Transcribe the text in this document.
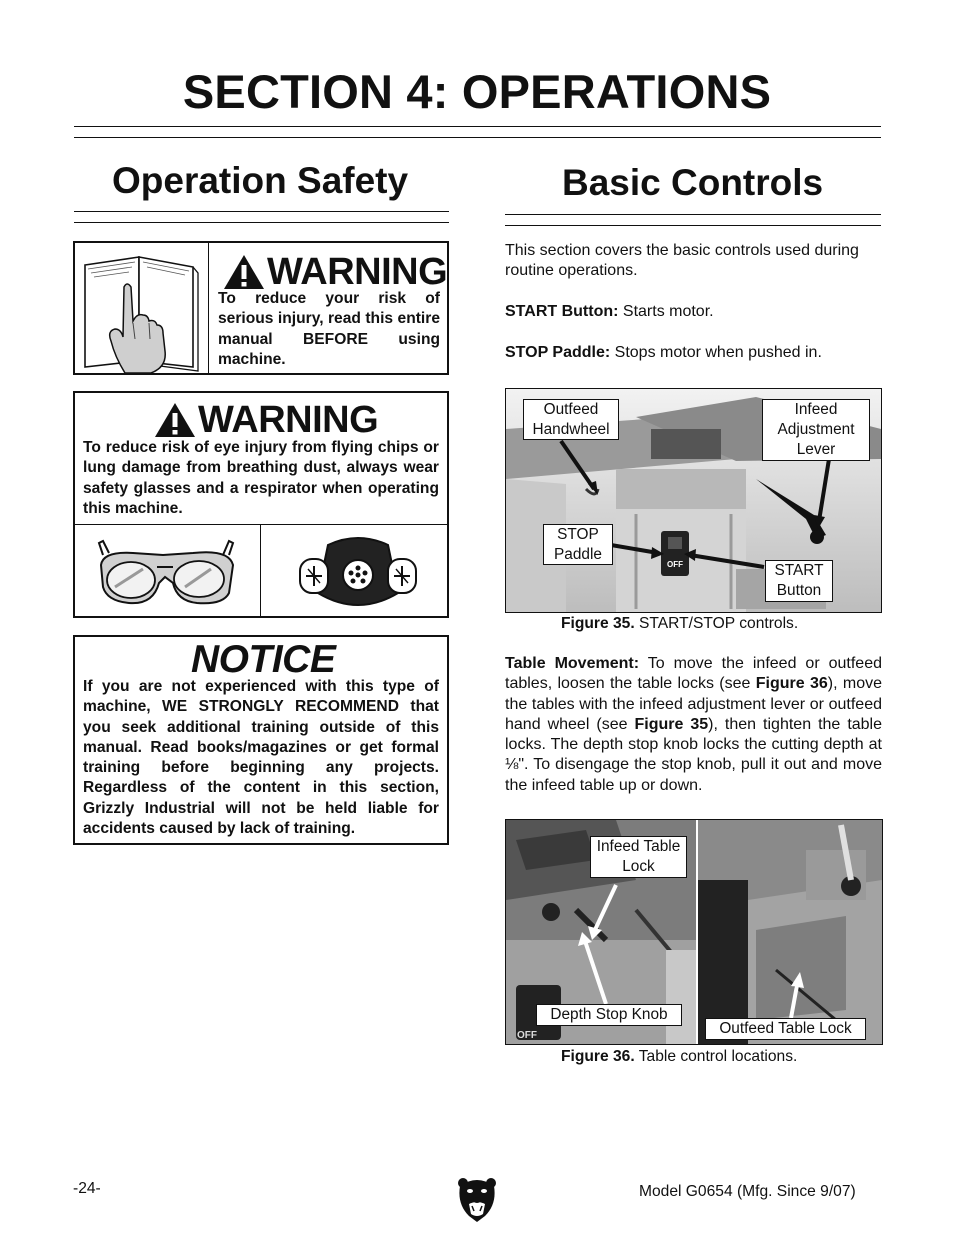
SECTION 4: OPERATIONS
Operation Safety	Basic Controls
WARNING
To reduce your risk of serious injury, read this entire manual BEFORE using machine.
WARNING
To reduce risk of eye injury from flying chips or lung damage from breathing dust, always wear safety glasses and a respirator when operating this machine.
NOTICE
If you are not experienced with this type of machine, WE STRONGLY RECOMMEND that you seek additional training outside of this manual. Read books/magazines or get formal training before beginning any projects. Regardless of the content in this section, Grizzly Industrial will not be held liable for accidents caused by lack of training.
This section covers the basic controls used during routine operations.
START Button: Starts motor.
STOP Paddle: Stops motor when pushed in.
OFF
Outfeed Handwheel
Infeed Adjustment Lever
STOP Paddle
START Button
Figure 35. START/STOP controls.
Table Movement: To move the infeed or outfeed tables, loosen the table locks (see Figure 36), move the tables with the infeed adjustment lever or outfeed hand wheel (see Figure 35), then tighten the table locks. The depth stop knob locks the cutting depth at ⅛". To disengage the stop knob, pull it out and move the infeed table up or down.
OFF
Infeed Table Lock
Depth Stop Knob
Outfeed Table Lock
Figure 36. Table control locations.
-24-	Model G0654 (Mfg. Since 9/07)
